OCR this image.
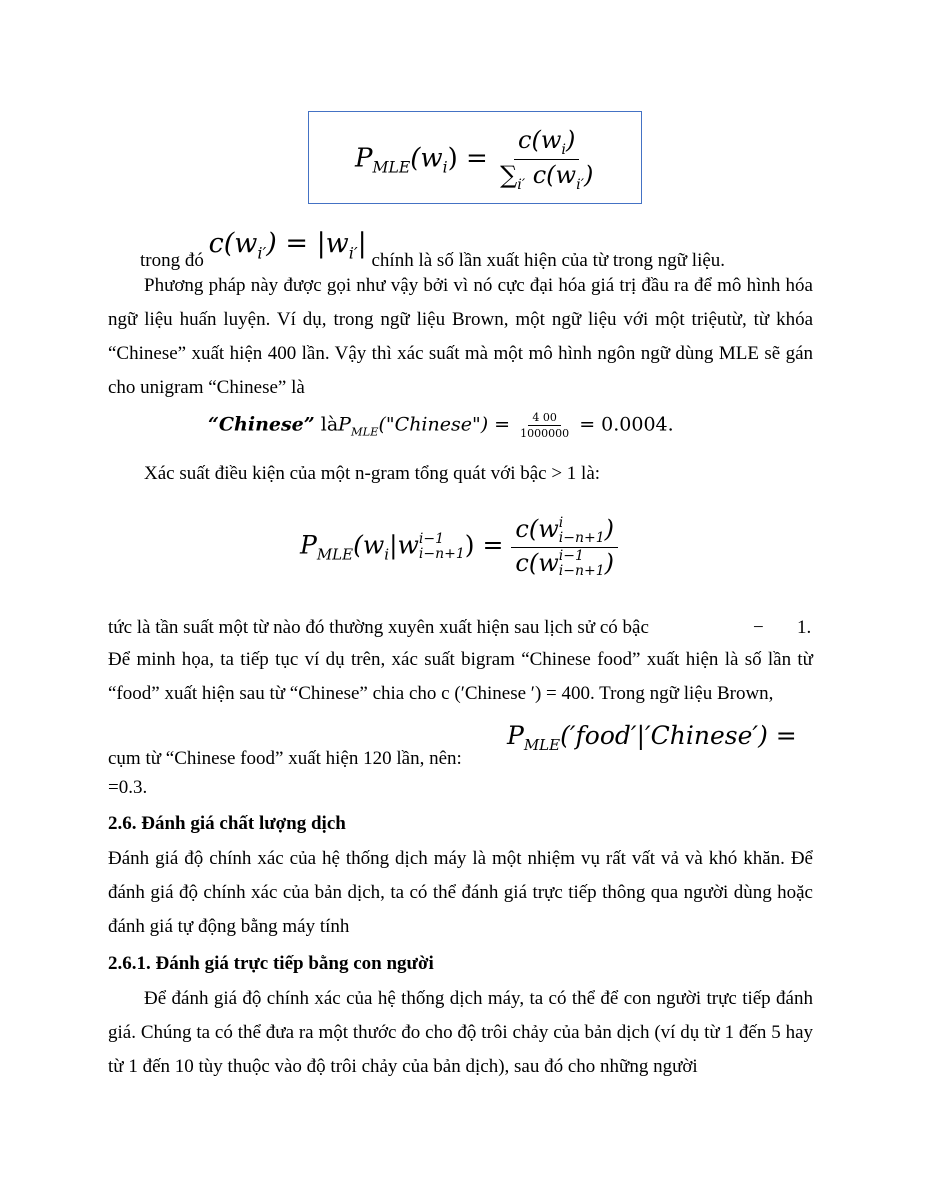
$P_{MLE}(w_i) = \frac{c(w_i)}{\sum_{i'} c(w_{i'})}$
trong đó $c(w_{i'}) = |w_{i'}|$ chính là số lần xuất hiện của từ trong ngữ liệu.
Phương pháp này được gọi như vậy bởi vì nó cực đại hóa giá trị đầu ra để mô hình hóa ngữ liệu huấn luyện. Ví dụ, trong ngữ liệu Brown, một ngữ liệu với một triệutừ, từ khóa “Chinese” xuất hiện 400 lần. Vậy thì xác suất mà một mô hình ngôn ngữ dùng MLE sẽ gán cho unigram “Chinese” là
“Chinese” làP$_{MLE}$("Chinese") = $\frac{4 00}{1000000} = 0.0004$.
Xác suất điều kiện của một n-gram tổng quát với bậc > 1 là:
$P_{MLE}(w_i|w$ i−1
i−n+1 ) = c(w i
i−n+1 )
c(w i−1
i−n+1 )
tức là tần suất một từ nào đó thường xuyên xuất hiện sau lịch sử có bậc	− 1.
Để minh họa, ta tiếp tục ví dụ trên, xác suất bigram “Chinese food” xuất hiện là số lần từ “food” xuất hiện sau từ “Chinese” chia cho c (′Chinese ′) = 400. Trong ngữ liệu Brown,
cụm từ “Chinese food” xuất hiện 120 lần, nên:
$P_{MLE}('food'|'Chinese')$ =
=0.3.
2.6. Đánh giá chất lượng dịch
Đánh giá độ chính xác của hệ thống dịch máy là một nhiệm vụ rất vất vả và khó khăn. Để đánh giá độ chính xác của bản dịch, ta có thể đánh giá trực tiếp thông qua người dùng hoặc đánh giá tự động bằng máy tính
2.6.1. Đánh giá trực tiếp bằng con người
Để đánh giá độ chính xác của hệ thống dịch máy, ta có thể để con người trực tiếp đánh giá. Chúng ta có thể đưa ra một thước đo cho độ trôi chảy của bản dịch (ví dụ từ 1 đến 5 hay từ 1 đến 10 tùy thuộc vào độ trôi chảy của bản dịch), sau đó cho những người
